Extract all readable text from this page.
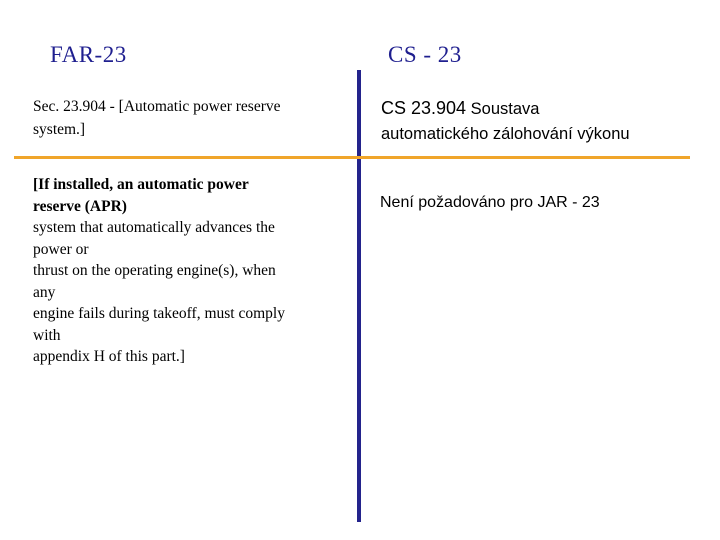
FAR-23	CS - 23
Sec. 23.904 - [Automatic power reserve
system.]
CS 23.904 Soustava
automatického zálohování výkonu
[If installed, an automatic power
reserve (APR)
system that automatically advances the
power or
thrust on the operating engine(s), when
any
engine fails during takeoff, must comply
with
appendix H of this part.]
Není požadováno pro JAR - 23
